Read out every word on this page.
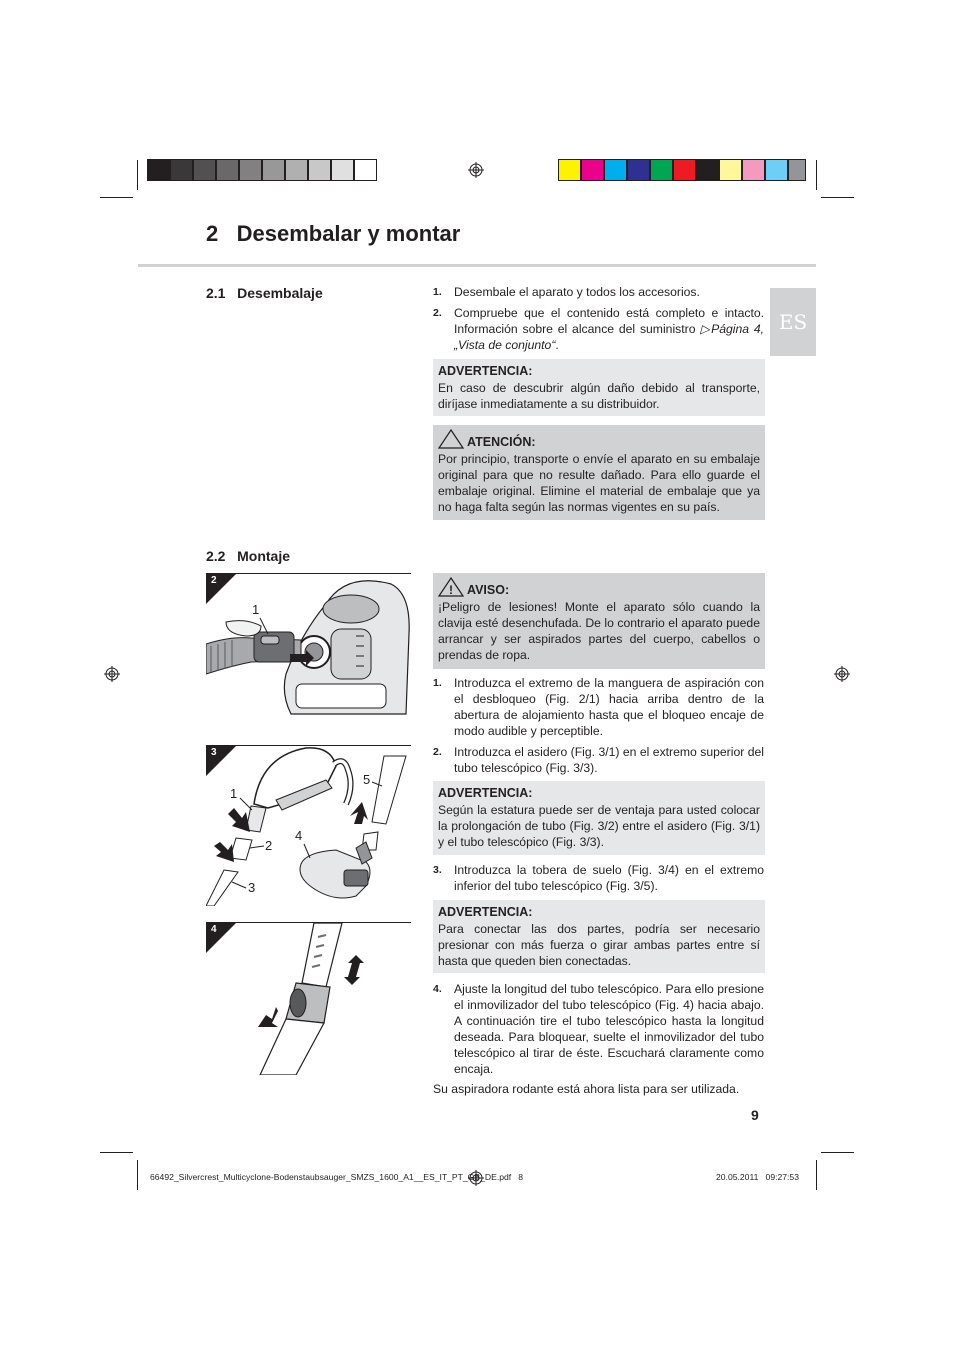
2 Desembalar y montar
ES
2.1   Desembalaje	1. Desembale el aparato y todos los accesorios.
2. Compruebe que el contenido está completo e intacto. Información sobre el alcance del suministro ▷Página 4, „Vista de conjunto“.
ADVERTENCIA:
En caso de descubrir algún daño debido al transporte, diríjase inmediatamente a su distribuidor.
ATENCIÓN:
Por principio, transporte o envíe el aparato en su embalaje original para que no resulte dañado. Para ello guarde el embalaje original. Elimine el material de embalaje que ya no haga falta según las normas vigentes en su país.
2.2   Montaje
! AVISO:
¡Peligro de lesiones! Monte el aparato sólo cuando la clavija esté desenchufada. De lo contrario el aparato puede arrancar y ser aspirados partes del cuerpo, cabellos o prendas de ropa.
1. Introduzca el extremo de la manguera de aspiración con el desbloqueo (Fig. 2/1) hacia arriba dentro de la abertura de alojamiento hasta que el bloqueo encaje de modo audible y perceptible.
2. Introduzca el asidero (Fig. 3/1) en el extremo superior del tubo telescópico (Fig. 3/3).
ADVERTENCIA:
Según la estatura puede ser de ventaja para usted colocar la prolongación de tubo (Fig. 3/2) entre el asidero (Fig. 3/1) y el tubo telescópico (Fig. 3/3).
3. Introduzca la tobera de suelo (Fig. 3/4) en el extremo inferior del tubo telescópico (Fig. 3/5).
ADVERTENCIA:
Para conectar las dos partes, podría ser necesario presionar con más fuerza o girar ambas partes entre sí hasta que queden bien conectadas.
4. Ajuste la longitud del tubo telescópico. Para ello presione el inmovilizador del tubo telescópico (Fig. 4) hacia abajo. A continuación tire el tubo telescópico hasta la longitud deseada. Para bloquear, suelte el inmovilizador del tubo telescópico al tirar de éste. Escuchará claramente como encaja.
Su aspiradora rodante está ahora lista para ser utilizada.
2
1
3
1
2
3
4
5
4
9
66492_Silvercrest_Multicyclone-Bodenstaubsauger_SMZS_1600_A1__ES_IT_PT_GB_DE.pdf   8	20.05.2011   09:27:53
